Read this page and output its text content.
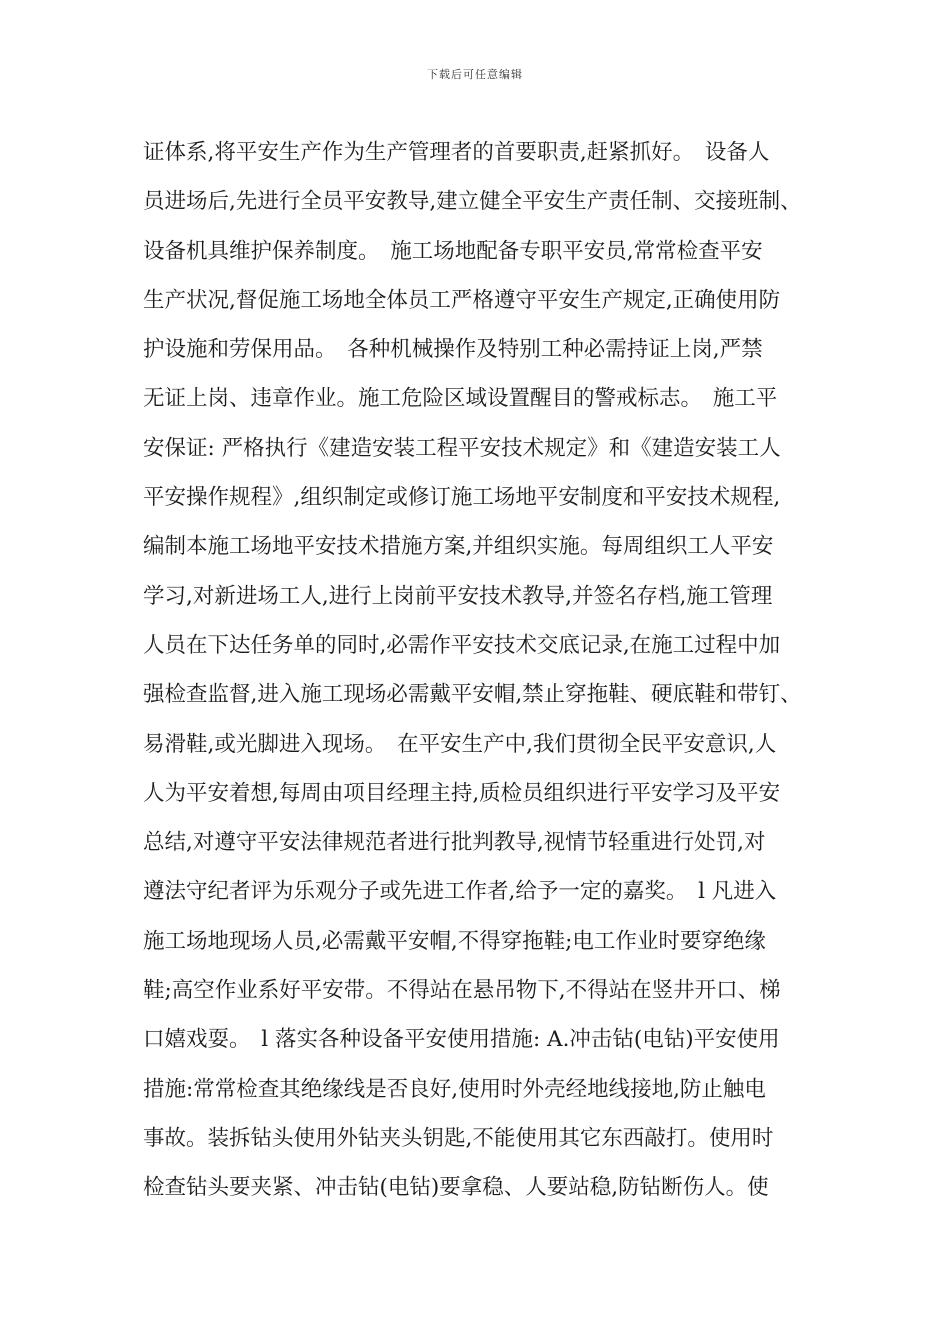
下载后可任意编辑
证体系,将平安生产作为生产管理者的首要职责,赶紧抓好。　设备人
员进场后,先进行全员平安教导,建立健全平安生产责任制、交接班制、
设备机具维护保养制度。　施工场地配备专职平安员,常常检查平安
生产状况,督促施工场地全体员工严格遵守平安生产规定,正确使用防
护设施和劳保用品。　各种机械操作及特别工种必需持证上岗,严禁
无证上岗、违章作业。施工危险区域设置醒目的警戒标志。　施工平
安保证: 严格执行《建造安装工程平安技术规定》和《建造安装工人
平安操作规程》,组织制定或修订施工场地平安制度和平安技术规程,
编制本施工场地平安技术措施方案,并组织实施。每周组织工人平安
学习,对新进场工人,进行上岗前平安技术教导,并签名存档,施工管理
人员在下达任务单的同时,必需作平安技术交底记录,在施工过程中加
强检查监督,进入施工现场必需戴平安帽,禁止穿拖鞋、硬底鞋和带钉、
易滑鞋,或光脚进入现场。　在平安生产中,我们贯彻全民平安意识,人
人为平安着想,每周由项目经理主持,质检员组织进行平安学习及平安
总结,对遵守平安法律规范者进行批判教导,视情节轻重进行处罚,对
遵法守纪者评为乐观分子或先进工作者,给予一定的嘉奖。　l 凡进入
施工场地现场人员,必需戴平安帽,不得穿拖鞋;电工作业时要穿绝缘
鞋;高空作业系好平安带。不得站在悬吊物下,不得站在竖井开口、梯
口嬉戏耍。　l 落实各种设备平安使用措施: A.冲击钻(电钻)平安使用
措施:常常检查其绝缘线是否良好,使用时外壳经地线接地,防止触电
事故。装拆钻头使用外钻夹头钥匙,不能使用其它东西敲打。使用时
检查钻头要夹紧、冲击钻(电钻)要拿稳、人要站稳,防钻断伤人。使
